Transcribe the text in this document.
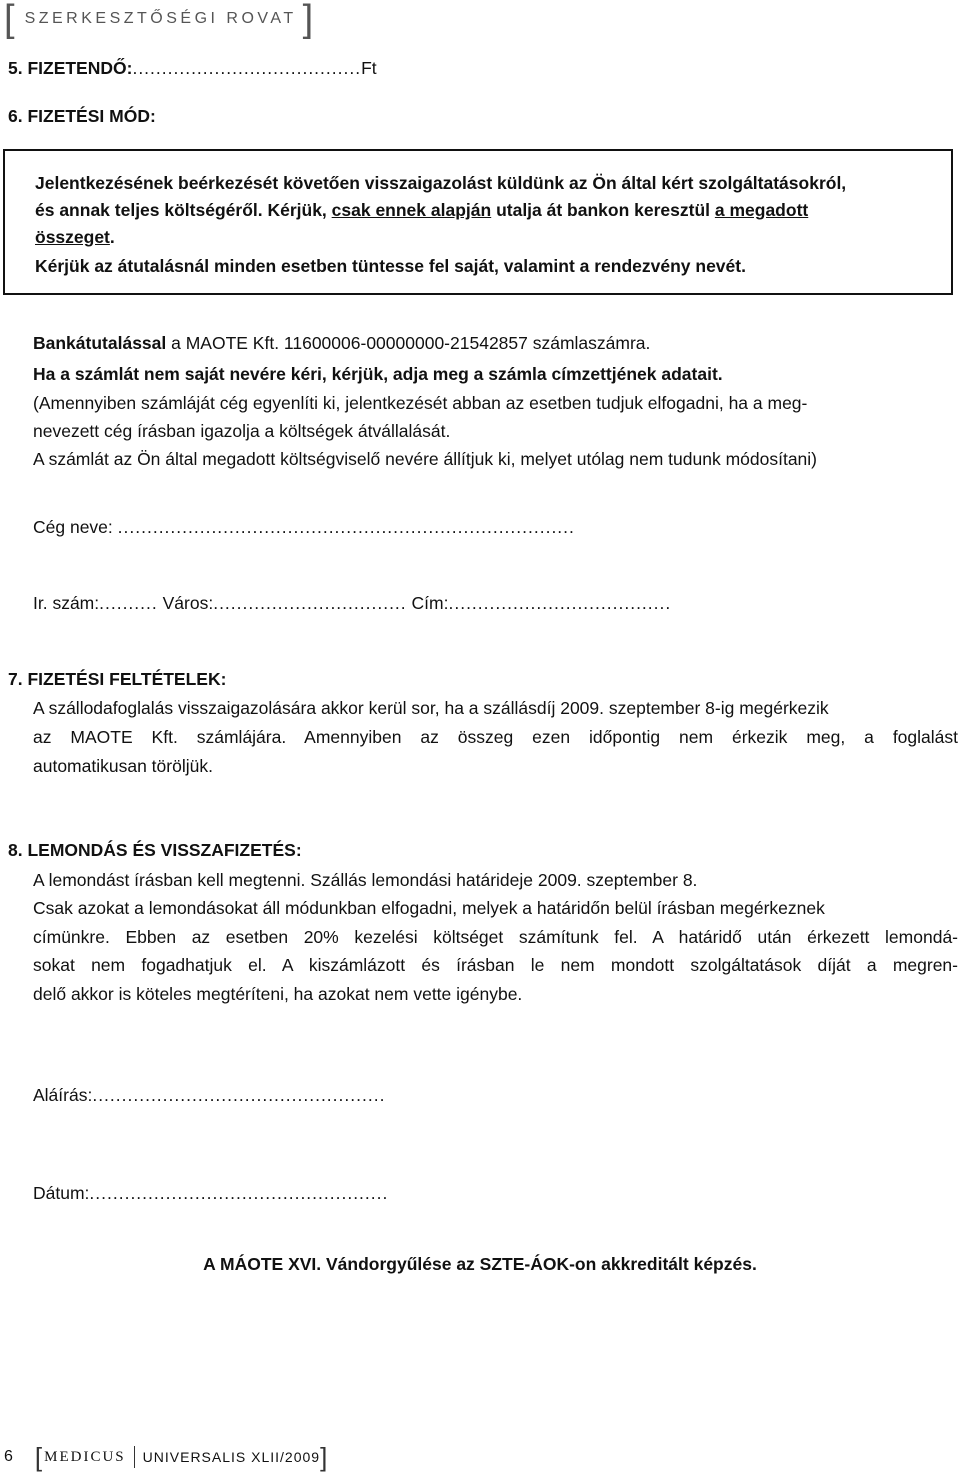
[ SZERKESZTŐSÉGI ROVAT ]
5. FIZETENDŐ:.......................................Ft
6. FIZETÉSI MÓD:
Jelentkezésének beérkezését követően visszaigazolást küldünk az Ön által kért szolgáltatásokról,
és annak teljes költségéről. Kérjük, csak ennek alapján utalja át bankon keresztül a megadott
összeget.
Kérjük az átutalásnál minden esetben tüntesse fel saját, valamint a rendezvény nevét.
Bankátutalással a MAOTE Kft. 11600006-00000000-21542857 számlaszámra.
Ha a számlát nem saját nevére kéri, kérjük, adja meg a számla címzettjének adatait.
(Amennyiben számláját cég egyenlíti ki, jelentkezését abban az esetben tudjuk elfogadni, ha a meg-
nevezett cég írásban igazolja a költségek átvállalását.
A számlát az Ön által megadott költségviselő nevére állítjuk ki, melyet utólag nem tudunk módosítani)
Cég neve: ..............................................................................
Ir. szám:.......... Város:................................. Cím:......................................
7. FIZETÉSI FELTÉTELEK:
A szállodafoglalás visszaigazolására akkor kerül sor, ha a szállásdíj 2009. szeptember 8-ig megérkezik
az MAOTE Kft. számlájára. Amennyiben az összeg ezen időpontig nem érkezik meg, a foglalást
automatikusan töröljük.
8. LEMONDÁS ÉS VISSZAFIZETÉS:
A lemondást írásban kell megtenni. Szállás lemondási határideje 2009. szeptember 8.
Csak azokat a lemondásokat áll módunkban elfogadni, melyek a határidőn belül írásban megérkeznek
címünkre. Ebben az esetben 20% kezelési költséget számítunk fel. A határidő után érkezett lemondá-
sokat nem fogadhatjuk el. A kiszámlázott és írásban le nem mondott szolgáltatások díját a megren-
delő akkor is köteles megtéríteni, ha azokat nem vette igénybe.
Aláírás:..................................................
Dátum:...................................................
A MÁOTE XVI. Vándorgyűlése az SZTE-ÁOK-on akkreditált képzés.
6 [ MEDICUS UNIVERSALIS XLII/2009 ]
